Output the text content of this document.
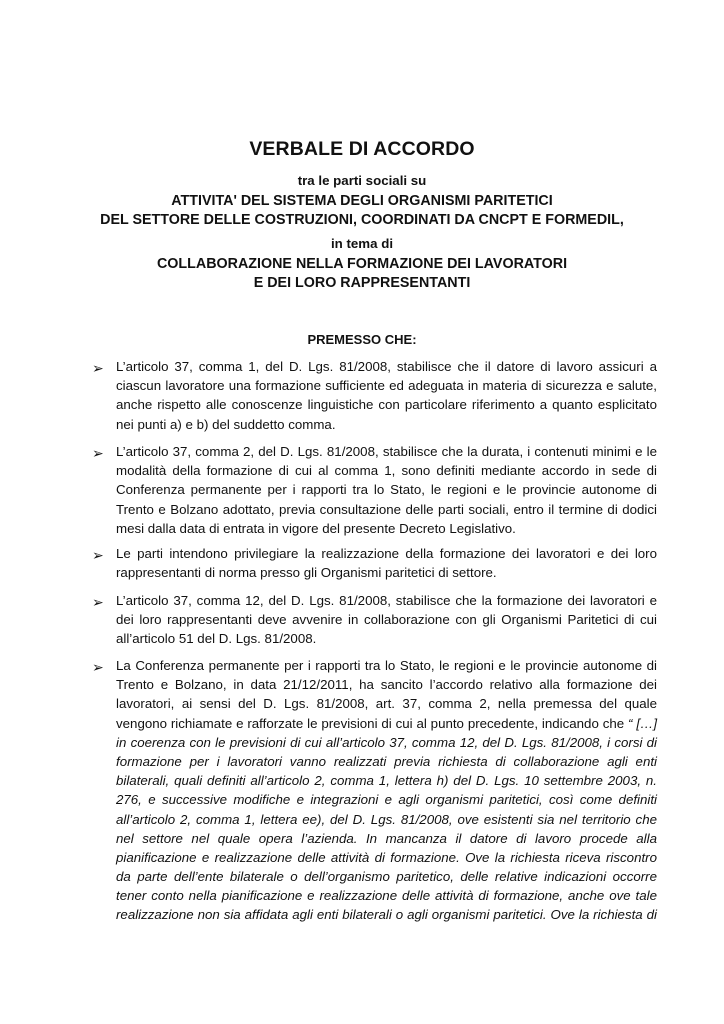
VERBALE DI ACCORDO
tra le parti sociali su
ATTIVITA' DEL SISTEMA DEGLI ORGANISMI PARITETICI
DEL SETTORE DELLE COSTRUZIONI, COORDINATI DA CNCPT E FORMEDIL,
in tema di
COLLABORAZIONE NELLA FORMAZIONE DEI LAVORATORI
E DEI LORO RAPPRESENTANTI
PREMESSO CHE:
➢ L’articolo 37, comma 1, del D. Lgs. 81/2008, stabilisce che il datore di lavoro assicuri a
ciascun lavoratore una formazione sufficiente ed adeguata in materia di sicurezza e salute,
anche rispetto alle conoscenze linguistiche con particolare riferimento a quanto esplicitato
nei punti a) e b) del suddetto comma.
➢ L’articolo 37, comma 2, del D. Lgs. 81/2008, stabilisce che la durata, i contenuti minimi e le
modalità della formazione di cui al comma 1, sono definiti mediante accordo in sede di
Conferenza permanente per i rapporti tra lo Stato, le regioni e le provincie autonome di
Trento e Bolzano adottato, previa consultazione delle parti sociali, entro il termine di dodici
mesi dalla data di entrata in vigore del presente Decreto Legislativo.
➢ Le parti intendono privilegiare la realizzazione della formazione dei lavoratori e dei loro
rappresentanti di norma presso gli Organismi paritetici di settore.
➢ L’articolo 37, comma 12, del D. Lgs. 81/2008, stabilisce che la formazione dei lavoratori e
dei loro rappresentanti deve avvenire in collaborazione con gli Organismi Paritetici di cui
all’articolo 51 del D. Lgs. 81/2008.
➢ La Conferenza permanente per i rapporti tra lo Stato, le regioni e le provincie autonome di
Trento e Bolzano, in data 21/12/2011, ha sancito l’accordo relativo alla formazione dei
lavoratori, ai sensi del D. Lgs. 81/2008, art. 37, comma 2, nella premessa del quale
vengono richiamate e rafforzate le previsioni di cui al punto precedente, indicando che “ […]
in coerenza con le previsioni di cui all’articolo 37, comma 12, del D. Lgs. 81/2008, i corsi di
formazione per i lavoratori vanno realizzati previa richiesta di collaborazione agli enti
bilaterali, quali definiti all’articolo 2, comma 1, lettera h) del D. Lgs. 10 settembre 2003, n.
276, e successive modifiche e integrazioni e agli organismi paritetici, così come definiti
all’articolo 2, comma 1, lettera ee), del D. Lgs. 81/2008, ove esistenti sia nel territorio che
nel settore nel quale opera l’azienda. In mancanza il datore di lavoro procede alla
pianificazione e realizzazione delle attività di formazione. Ove la richiesta riceva riscontro
da parte dell’ente bilaterale o dell’organismo paritetico, delle relative indicazioni occorre
tener conto nella pianificazione e realizzazione delle attività di formazione, anche ove tale
realizzazione non sia affidata agli enti bilaterali o agli organismi paritetici. Ove la richiesta di
